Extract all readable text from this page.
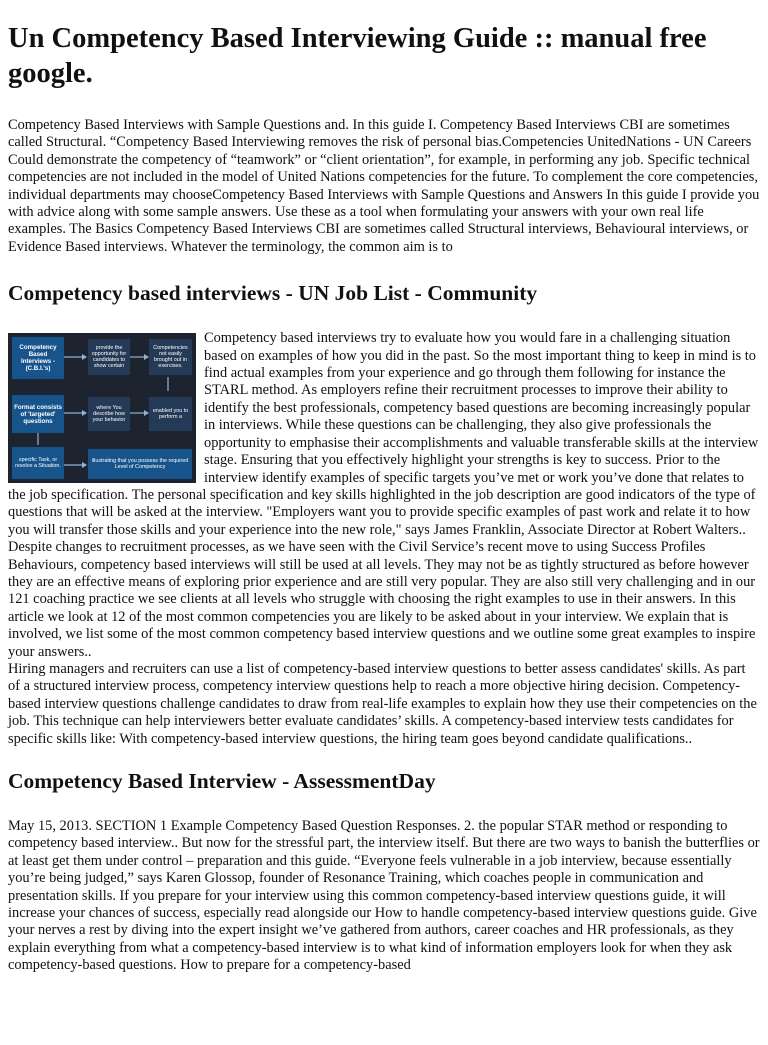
Un Competency Based Interviewing Guide :: manual free google.

Competency Based Interviews with Sample Questions and. In this guide I. Competency Based Interviews CBI are sometimes called Structural. “Competency Based Interviewing removes the risk of personal bias.Competencies UnitedNations - UN Careers Could demonstrate the competency of “teamwork” or “client orientation”, for example, in performing any job. Specific technical competencies are not included in the model of United Nations competencies for the future. To complement the core competencies, individual departments may chooseCompetency Based Interviews with Sample Questions and Answers In this guide I provide you with advice along with some sample answers. Use these as a tool when formulating your answers with your own real life examples. The Basics Competency Based Interviews CBI are sometimes called Structural interviews, Behavioural interviews, or Evidence Based interviews. Whatever the terminology, the common aim is to

Competency based interviews - UN Job List - Community

Competency Based Interviews - (C.B.I.'s)
provide the opportunity for candidates to show certain
Competencies not easily brought out in exercises.
Format consists of 'targeted' questions
where You describe how your behavior
enabled you to perform a
specific Task, or resolve a Situation.
illustrating that you possess the required Level of Competency
Competency based interviews try to evaluate how you would fare in a challenging situation based on examples of how you did in the past. So the most important thing to keep in mind is to find actual examples from your experience and go through them following for instance the STARL method. As employers refine their recruitment processes to improve their ability to identify the best professionals, competency based questions are becoming increasingly popular in interviews. While these questions can be challenging, they also give professionals the opportunity to emphasise their accomplishments and valuable transferable skills at the interview stage. Ensuring that you effectively highlight your strengths is key to success. Prior to the interview identify examples of specific targets you’ve met or work you’ve done that relates to the job specification. The personal specification and key skills highlighted in the job description are good indicators of the type of questions that will be asked at the interview. "Employers want you to provide specific examples of past work and relate it to how you will transfer those skills and your experience into the new role," says James Franklin, Associate Director at Robert Walters..

Despite changes to recruitment processes, as we have seen with the Civil Service’s recent move to using Success Profiles Behaviours, competency based interviews will still be used at all levels. They may not be as tightly structured as before however they are an effective means of exploring prior experience and are still very popular. They are also still very challenging and in our 121 coaching practice we see clients at all levels who struggle with choosing the right examples to use in their answers. In this article we look at 12 of the most common competencies you are likely to be asked about in your interview. We explain that is involved, we list some of the most common competency based interview questions and we outline some great examples to inspire your answers..

Hiring managers and recruiters can use a list of competency-based interview questions to better assess candidates' skills. As part of a structured interview process, competency interview questions help to reach a more objective hiring decision. Competency-based interview questions challenge candidates to draw from real-life examples to explain how they use their competencies on the job. This technique can help interviewers better evaluate candidates’ skills. A competency-based interview tests candidates for specific skills like: With competency-based interview questions, the hiring team goes beyond candidate qualifications..

Competency Based Interview - AssessmentDay

May 15, 2013. SECTION 1 Example Competency Based Question Responses. 2. the popular STAR method or responding to competency based interview.. But now for the stressful part, the interview itself. But there are two ways to banish the butterflies or at least get them under control – preparation and this guide. “Everyone feels vulnerable in a job interview, because essentially you’re being judged,” says Karen Glossop, founder of Resonance Training, which coaches people in communication and presentation skills. If you prepare for your interview using this common competency-based interview questions guide, it will increase your chances of success, especially read alongside our How to handle competency-based interview questions guide. Give your nerves a rest by diving into the expert insight we’ve gathered from authors, career coaches and HR professionals, as they explain everything from what a competency-based interview is to what kind of information employers look for when they ask competency-based questions. How to prepare for a competency-based
